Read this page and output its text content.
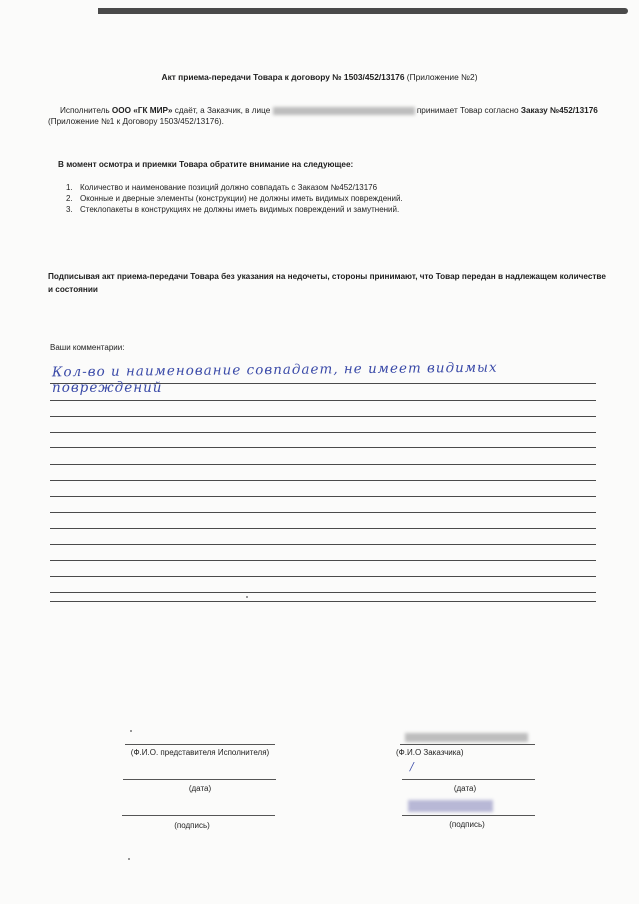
Акт приема-передачи Товара к договору № 1503/452/13176 (Приложение №2)
Исполнитель ООО «ГК МИР» сдаёт, а Заказчик, в лице	принимает Товар согласно Заказу №452/13176
(Приложение №1 к Договору 1503/452/13176).
В момент осмотра и приемки Товара обратите внимание на следующее:
1. Количество и наименование позиций должно совпадать с Заказом №452/13176
2. Оконные и дверные элементы (конструкции) не должны иметь видимых повреждений.
3. Стеклопакеты в конструкциях не должны иметь видимых повреждений и замутнений.
Подписывая акт приема-передачи Товара без указания на недочеты, стороны принимают, что Товар передан в надлежащем количестве и состоянии
Ваши комментарии:
Кол-во и наименование совпадает, не имеет видимых
повреждений
(Ф.И.О. представителя Исполнителя)
(дата)
(подпись)
(Ф.И.О Заказчика)
/
(дата)
(подпись)
